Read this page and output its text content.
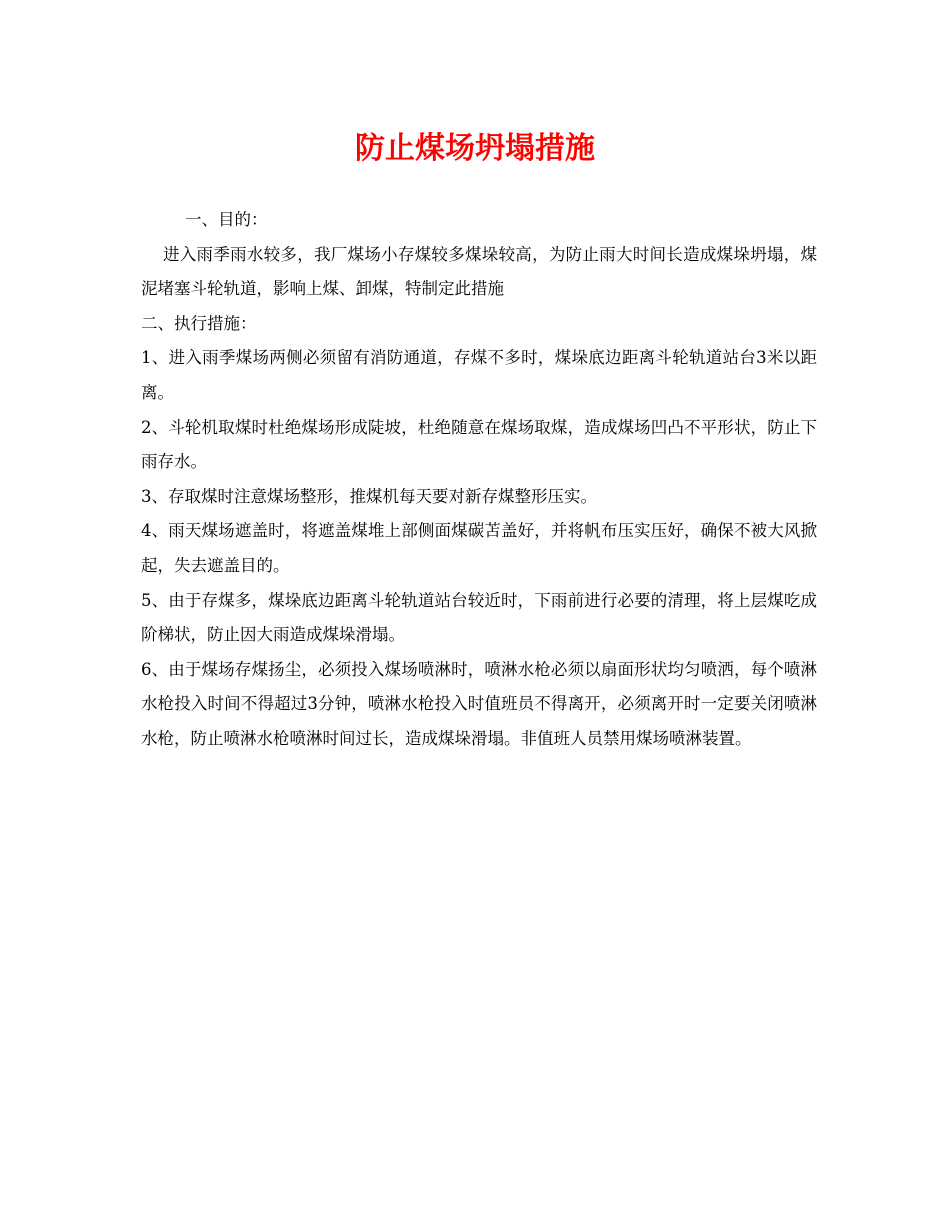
防止煤场坍塌措施

一、目的：

进入雨季雨水较多，我厂煤场小存煤较多煤垛较高，为防止雨大时间长造成煤垛坍塌，煤泥堵塞斗轮轨道，影响上煤、卸煤，特制定此措施

二、执行措施：

1、进入雨季煤场两侧必须留有消防通道，存煤不多时，煤垛底边距离斗轮轨道站台3米以距离。

2、斗轮机取煤时杜绝煤场形成陡坡，杜绝随意在煤场取煤，造成煤场凹凸不平形状，防止下雨存水。

3、存取煤时注意煤场整形，推煤机每天要对新存煤整形压实。

4、雨天煤场遮盖时，将遮盖煤堆上部侧面煤碳苫盖好，并将帆布压实压好，确保不被大风掀起，失去遮盖目的。

5、由于存煤多，煤垛底边距离斗轮轨道站台较近时，下雨前进行必要的清理，将上层煤吃成阶梯状，防止因大雨造成煤垛滑塌。

6、由于煤场存煤扬尘，必须投入煤场喷淋时，喷淋水枪必须以扇面形状均匀喷洒，每个喷淋水枪投入时间不得超过3分钟，喷淋水枪投入时值班员不得离开，必须离开时一定要关闭喷淋水枪，防止喷淋水枪喷淋时间过长，造成煤垛滑塌。非值班人员禁用煤场喷淋装置。
